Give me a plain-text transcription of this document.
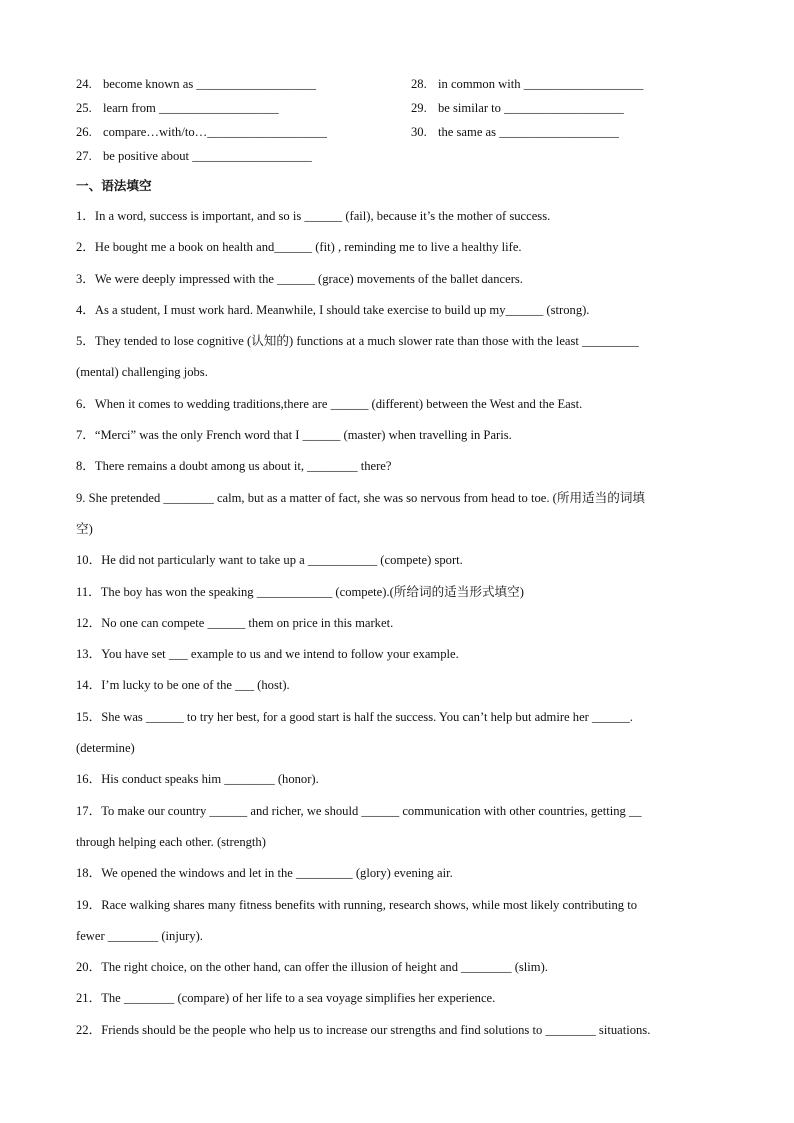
24. become known as ___________________	28. in common with ___________________
25. learn from ___________________	29. be similar to ___________________
26. compare…with/to…___________________	30. the same as ___________________
27. be positive about ___________________
一、语法填空
1．In a word, success is important, and so is ______ (fail), because it’s the mother of success.
2．He bought me a book on health and______ (fit) , reminding me to live a healthy life.
3．We were deeply impressed with the ______ (grace) movements of the ballet dancers.
4．As a student, I must work hard. Meanwhile, I should take exercise to build up my______ (strong).
5．They tended to lose cognitive (认知的) functions at a much slower rate than those with the least _________
(mental) challenging jobs.
6．When it comes to wedding traditions,there are ______ (different) between the West and the East.
7．“Merci” was the only French word that I ______ (master) when travelling in Paris.
8．There remains a doubt among us about it, ________ there?
9. She pretended ________ calm, but as a matter of fact, she was so nervous from head to toe. (所用适当的词填
空)
10．He did not particularly want to take up a ___________ (compete) sport.
11．The boy has won the speaking ____________ (compete).(所给词的适当形式填空)
12．No one can compete ______ them on price in this market.
13．You have set ___ example to us and we intend to follow your example.
14．I’m lucky to be one of the ___ (host).
15．She was ______ to try her best, for a good start is half the success. You can’t help but admire her ______.
(determine)
16．His conduct speaks him ________ (honor).
17．To make our country ______ and richer, we should ______ communication with other countries, getting __
through helping each other. (strength)
18．We opened the windows and let in the _________ (glory) evening air.
19．Race walking shares many fitness benefits with running, research shows, while most likely contributing to
fewer ________ (injury).
20．The right choice, on the other hand, can offer the illusion of height and ________ (slim).
21．The ________ (compare) of her life to a sea voyage simplifies her experience.
22．Friends should be the people who help us to increase our strengths and find solutions to ________ situations.
